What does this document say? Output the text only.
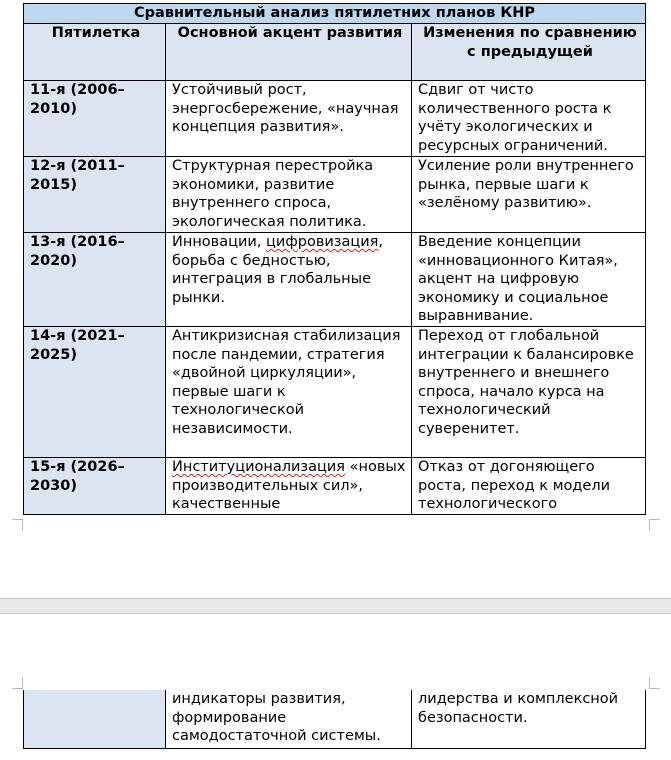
Сравнительный анализ пятилетних планов КНР		
Пятилетка	Основной акцент развития	Изменения по сравнению с предыдущей
11-я (2006–2010)	Устойчивый рост, энергосбережение, «научная концепция развития».	Сдвиг от чисто количественного роста к учёту экологических и ресурсных ограничений.
12-я (2011–2015)	Структурная перестройка экономики, развитие внутреннего спроса, экологическая политика.	Усиление роли внутреннего рынка, первые шаги к «зелёному развитию».
13-я (2016–2020)	Инновации, цифровизация, борьба с бедностью, интеграция в глобальные рынки.	Введение концепции «инновационного Китая», акцент на цифровую экономику и социальное выравнивание.
14-я (2021–2025)	Антикризисная стабилизация после пандемии, стратегия «двойной циркуляции», первые шаги к технологической независимости.	Переход от глобальной интеграции к балансировке внутреннего и внешнего спроса, начало курса на технологический суверенитет.
15-я (2026–2030)	Институционализация «новых производительных сил», качественные	Отказ от догоняющего роста, переход к модели технологического
	индикаторы развития, формирование самодостаточной системы.	лидерства и комплексной безопасности.
